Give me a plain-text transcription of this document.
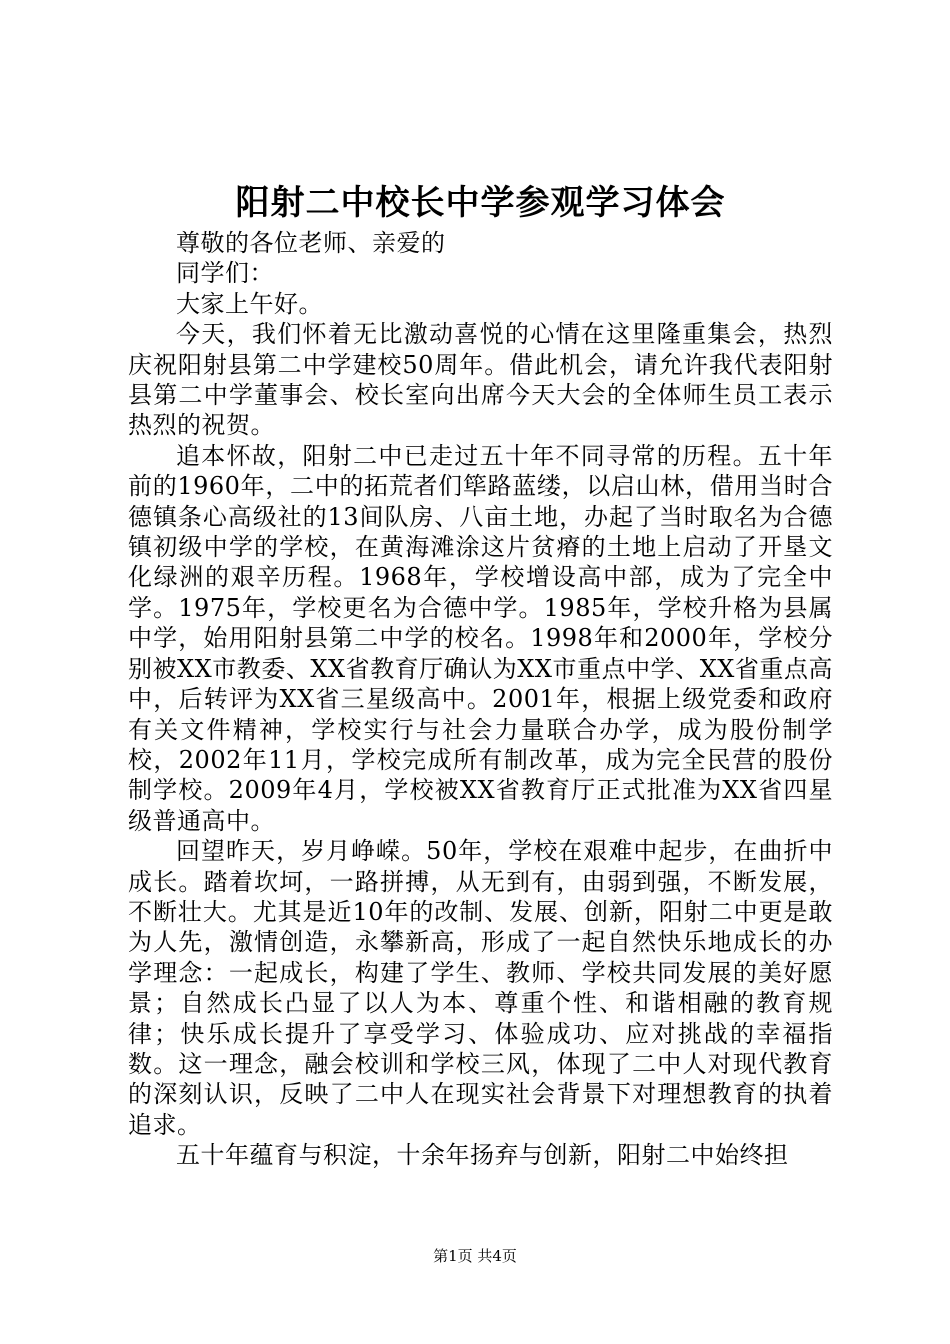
阳射二中校长中学参观学习体会

尊敬的各位老师、亲爱的

同学们：

大家上午好。

今天，我们怀着无比激动喜悦的心情在这里隆重集会，热烈庆祝阳射县第二中学建校50周年。借此机会，请允许我代表阳射县第二中学董事会、校长室向出席今天大会的全体师生员工表示热烈的祝贺。

追本怀故，阳射二中已走过五十年不同寻常的历程。五十年前的1960年，二中的拓荒者们筚路蓝缕，以启山林，借用当时合德镇条心高级社的13间队房、八亩土地，办起了当时取名为合德镇初级中学的学校，在黄海滩涂这片贫瘠的土地上启动了开垦文化绿洲的艰辛历程。1968年，学校增设高中部，成为了完全中学。1975年，学校更名为合德中学。1985年，学校升格为县属中学，始用阳射县第二中学的校名。1998年和2000年，学校分别被XX市教委、XX省教育厅确认为XX市重点中学、XX省重点高中，后转评为XX省三星级高中。2001年，根据上级党委和政府有关文件精神，学校实行与社会力量联合办学，成为股份制学校，2002年11月，学校完成所有制改革，成为完全民营的股份制学校。2009年4月，学校被XX省教育厅正式批准为XX省四星级普通高中。

回望昨天，岁月峥嵘。50年，学校在艰难中起步，在曲折中成长。踏着坎坷，一路拼搏，从无到有，由弱到强，不断发展，不断壮大。尤其是近10年的改制、发展、创新，阳射二中更是敢为人先，激情创造，永攀新高，形成了一起自然快乐地成长的办学理念：一起成长，构建了学生、教师、学校共同发展的美好愿景；自然成长凸显了以人为本、尊重个性、和谐相融的教育规律；快乐成长提升了享受学习、体验成功、应对挑战的幸福指数。这一理念，融会校训和学校三风，体现了二中人对现代教育的深刻认识，反映了二中人在现实社会背景下对理想教育的执着追求。

五十年蕴育与积淀，十余年扬弃与创新，阳射二中始终担

第1页 共4页
